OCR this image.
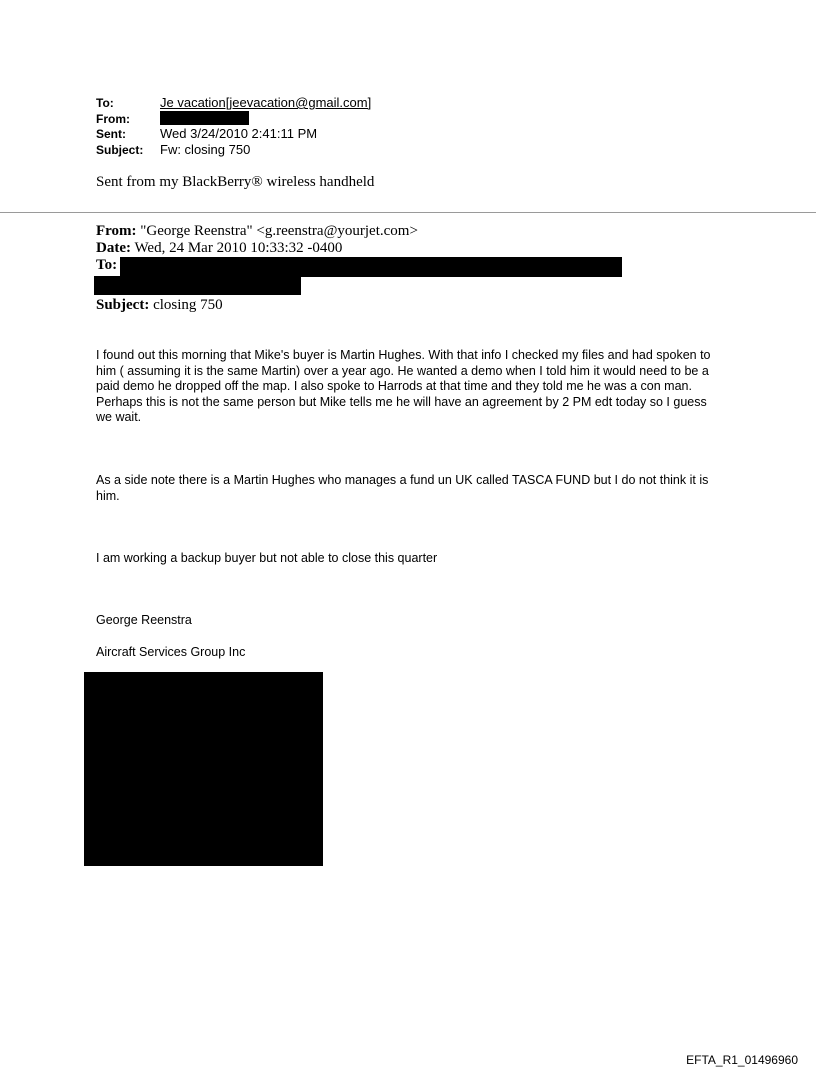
To:	Je vacation[jeevacation@gmail.com]
From:
Sent:	Wed 3/24/2010 2:41:11 PM
Subject: Fw: closing 750
Sent from my BlackBerry® wireless handheld
From: "George Reenstra" <g.reenstra@yourjet.com>
Date: Wed, 24 Mar 2010 10:33:32 -0400
To:
Subject: closing 750
I found out this morning that Mike's buyer is Martin Hughes. With that info I checked my files and had spoken to him ( assuming it is the same Martin) over a year ago. He wanted a demo when I told him it would need to be a paid demo he dropped off the map. I also spoke to Harrods at that time and they told me he was a con man. Perhaps this is not the same person but Mike tells me he will have an agreement by 2 PM edt today so I guess we wait.
As a side note there is a Martin Hughes who manages a fund un UK called TASCA FUND but I do not think it is him.
I am working a backup buyer but not able to close this quarter
George Reenstra
Aircraft Services Group Inc
EFTA_R1_01496960
